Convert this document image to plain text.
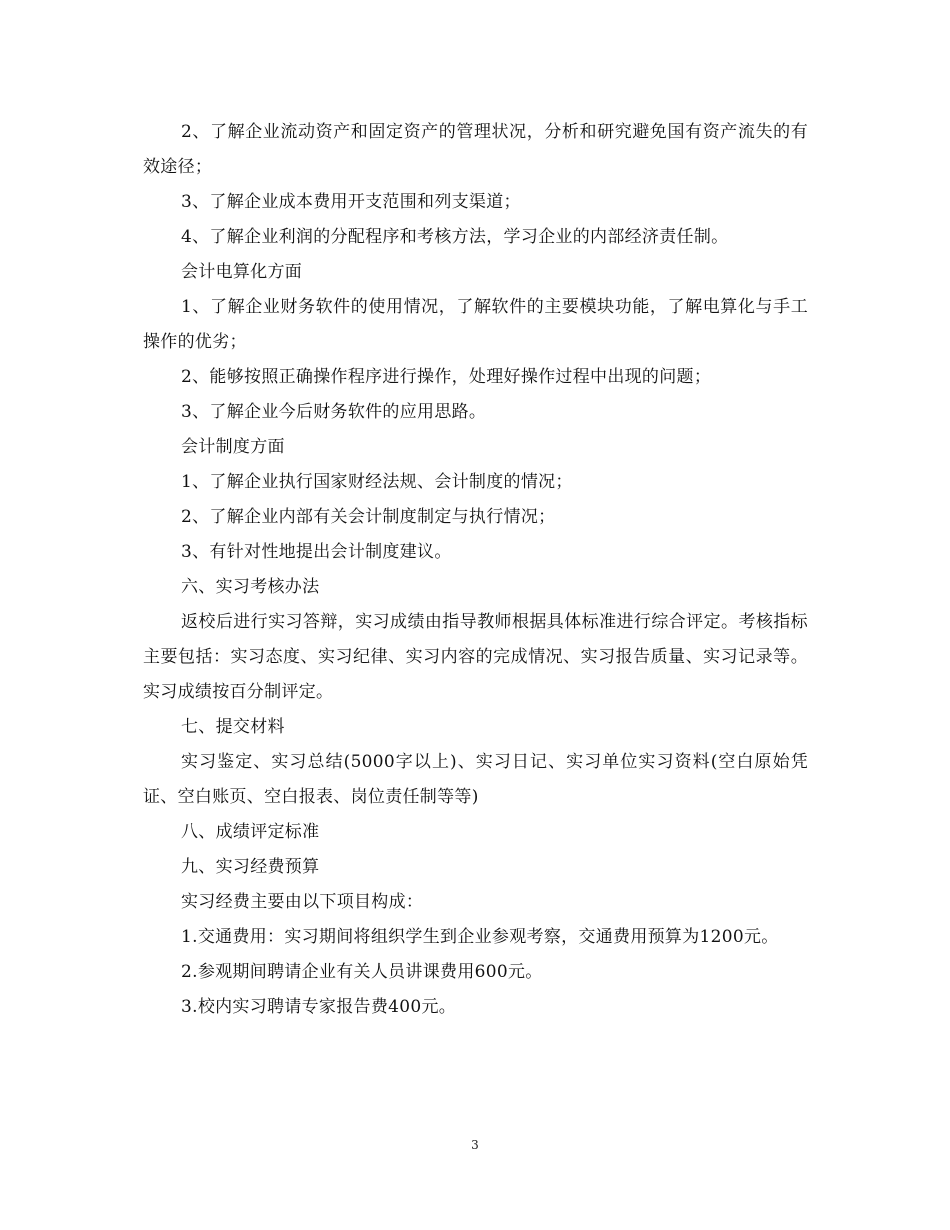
2、了解企业流动资产和固定资产的管理状况，分析和研究避免国有资产流失的有效途径；

3、了解企业成本费用开支范围和列支渠道；

4、了解企业利润的分配程序和考核方法，学习企业的内部经济责任制。

会计电算化方面

1、了解企业财务软件的使用情况，了解软件的主要模块功能，了解电算化与手工操作的优劣；

2、能够按照正确操作程序进行操作，处理好操作过程中出现的问题；

3、了解企业今后财务软件的应用思路。

会计制度方面

1、了解企业执行国家财经法规、会计制度的情况；

2、了解企业内部有关会计制度制定与执行情况；

3、有针对性地提出会计制度建议。

六、实习考核办法

返校后进行实习答辩，实习成绩由指导教师根据具体标准进行综合评定。考核指标主要包括：实习态度、实习纪律、实习内容的完成情况、实习报告质量、实习记录等。实习成绩按百分制评定。

七、提交材料

实习鉴定、实习总结(5000字以上)、实习日记、实习单位实习资料(空白原始凭证、空白账页、空白报表、岗位责任制等等)

八、成绩评定标准

九、实习经费预算

实习经费主要由以下项目构成：

1.交通费用：实习期间将组织学生到企业参观考察，交通费用预算为1200元。

2.参观期间聘请企业有关人员讲课费用600元。

3.校内实习聘请专家报告费400元。

3
